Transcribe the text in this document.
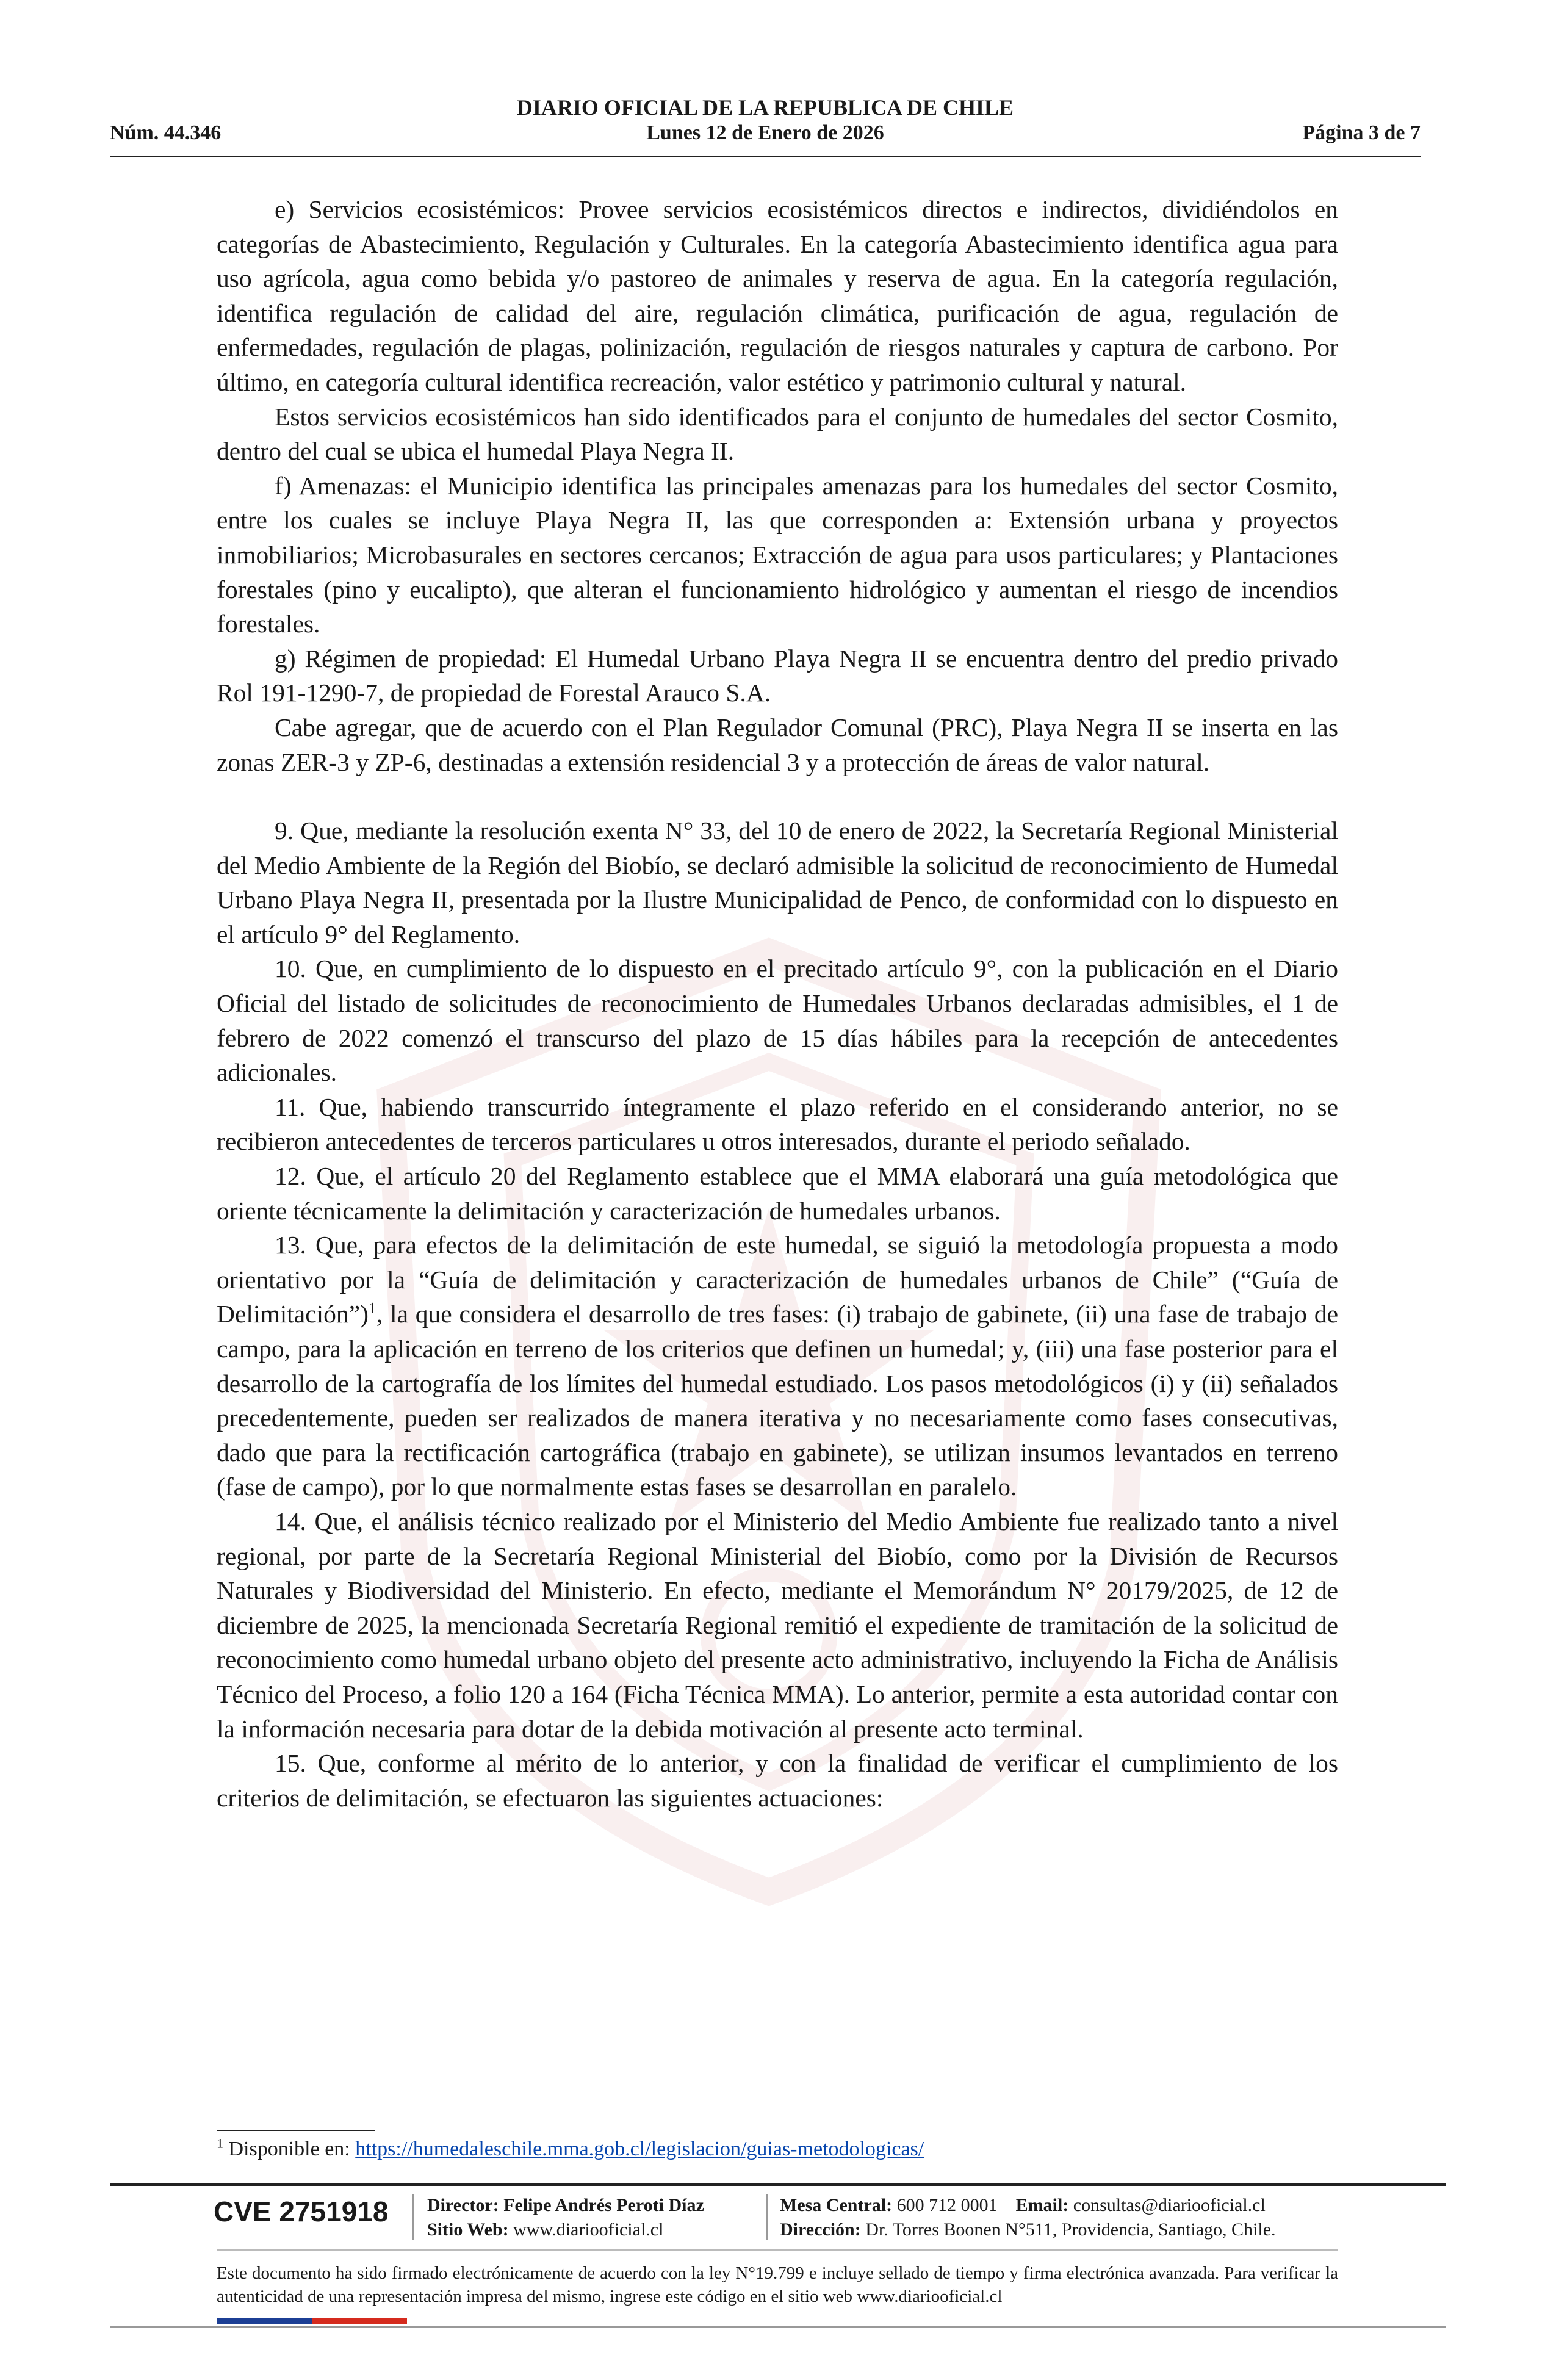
DIARIO OFICIAL DE LA REPUBLICA DE CHILE
Núm. 44.346	Lunes 12 de Enero de 2026	Página 3 de 7

e) Servicios ecosistémicos: Provee servicios ecosistémicos directos e indirectos, dividiéndolos en categorías de Abastecimiento, Regulación y Culturales. En la categoría Abastecimiento identifica agua para uso agrícola, agua como bebida y/o pastoreo de animales y reserva de agua. En la categoría regulación, identifica regulación de calidad del aire, regulación climática, purificación de agua, regulación de enfermedades, regulación de plagas, polinización, regulación de riesgos naturales y captura de carbono. Por último, en categoría cultural identifica recreación, valor estético y patrimonio cultural y natural.

Estos servicios ecosistémicos han sido identificados para el conjunto de humedales del sector Cosmito, dentro del cual se ubica el humedal Playa Negra II.

f) Amenazas: el Municipio identifica las principales amenazas para los humedales del sector Cosmito, entre los cuales se incluye Playa Negra II, las que corresponden a: Extensión urbana y proyectos inmobiliarios; Microbasurales en sectores cercanos; Extracción de agua para usos particulares; y Plantaciones forestales (pino y eucalipto), que alteran el funcionamiento hidrológico y aumentan el riesgo de incendios forestales.

g) Régimen de propiedad: El Humedal Urbano Playa Negra II se encuentra dentro del predio privado Rol 191-1290-7, de propiedad de Forestal Arauco S.A.

Cabe agregar, que de acuerdo con el Plan Regulador Comunal (PRC), Playa Negra II se inserta en las zonas ZER-3 y ZP-6, destinadas a extensión residencial 3 y a protección de áreas de valor natural.

9. Que, mediante la resolución exenta N° 33, del 10 de enero de 2022, la Secretaría Regional Ministerial del Medio Ambiente de la Región del Biobío, se declaró admisible la solicitud de reconocimiento de Humedal Urbano Playa Negra II, presentada por la Ilustre Municipalidad de Penco, de conformidad con lo dispuesto en el artículo 9° del Reglamento.

10. Que, en cumplimiento de lo dispuesto en el precitado artículo 9°, con la publicación en el Diario Oficial del listado de solicitudes de reconocimiento de Humedales Urbanos declaradas admisibles, el 1 de febrero de 2022 comenzó el transcurso del plazo de 15 días hábiles para la recepción de antecedentes adicionales.

11. Que, habiendo transcurrido íntegramente el plazo referido en el considerando anterior, no se recibieron antecedentes de terceros particulares u otros interesados, durante el periodo señalado.

12. Que, el artículo 20 del Reglamento establece que el MMA elaborará una guía metodológica que oriente técnicamente la delimitación y caracterización de humedales urbanos.

13. Que, para efectos de la delimitación de este humedal, se siguió la metodología propuesta a modo orientativo por la “Guía de delimitación y caracterización de humedales urbanos de Chile” (“Guía de Delimitación”)$^1$, la que considera el desarrollo de tres fases: (i) trabajo de gabinete, (ii) una fase de trabajo de campo, para la aplicación en terreno de los criterios que definen un humedal; y, (iii) una fase posterior para el desarrollo de la cartografía de los límites del humedal estudiado. Los pasos metodológicos (i) y (ii) señalados precedentemente, pueden ser realizados de manera iterativa y no necesariamente como fases consecutivas, dado que para la rectificación cartográfica (trabajo en gabinete), se utilizan insumos levantados en terreno (fase de campo), por lo que normalmente estas fases se desarrollan en paralelo.

14. Que, el análisis técnico realizado por el Ministerio del Medio Ambiente fue realizado tanto a nivel regional, por parte de la Secretaría Regional Ministerial del Biobío, como por la División de Recursos Naturales y Biodiversidad del Ministerio. En efecto, mediante el Memorándum N° 20179/2025, de 12 de diciembre de 2025, la mencionada Secretaría Regional remitió el expediente de tramitación de la solicitud de reconocimiento como humedal urbano objeto del presente acto administrativo, incluyendo la Ficha de Análisis Técnico del Proceso, a folio 120 a 164 (Ficha Técnica MMA). Lo anterior, permite a esta autoridad contar con la información necesaria para dotar de la debida motivación al presente acto terminal.

15. Que, conforme al mérito de lo anterior, y con la finalidad de verificar el cumplimiento de los criterios de delimitación, se efectuaron las siguientes actuaciones:

$^1$ Disponible en: https://humedaleschile.mma.gob.cl/legislacion/guias-metodologicas/
CVE 2751918	Director: Felipe Andrés Peroti Díaz
Sitio Web: www.diariooficial.cl
Mesa Central: 600 712 0001 Email: consultas@diariooficial.cl
Dirección: Dr. Torres Boonen N°511, Providencia, Santiago, Chile.
Este documento ha sido firmado electrónicamente de acuerdo con la ley N°19.799 e incluye sellado de tiempo y firma electrónica avanzada. Para verificar la autenticidad de una representación impresa del mismo, ingrese este código en el sitio web www.diariooficial.cl
